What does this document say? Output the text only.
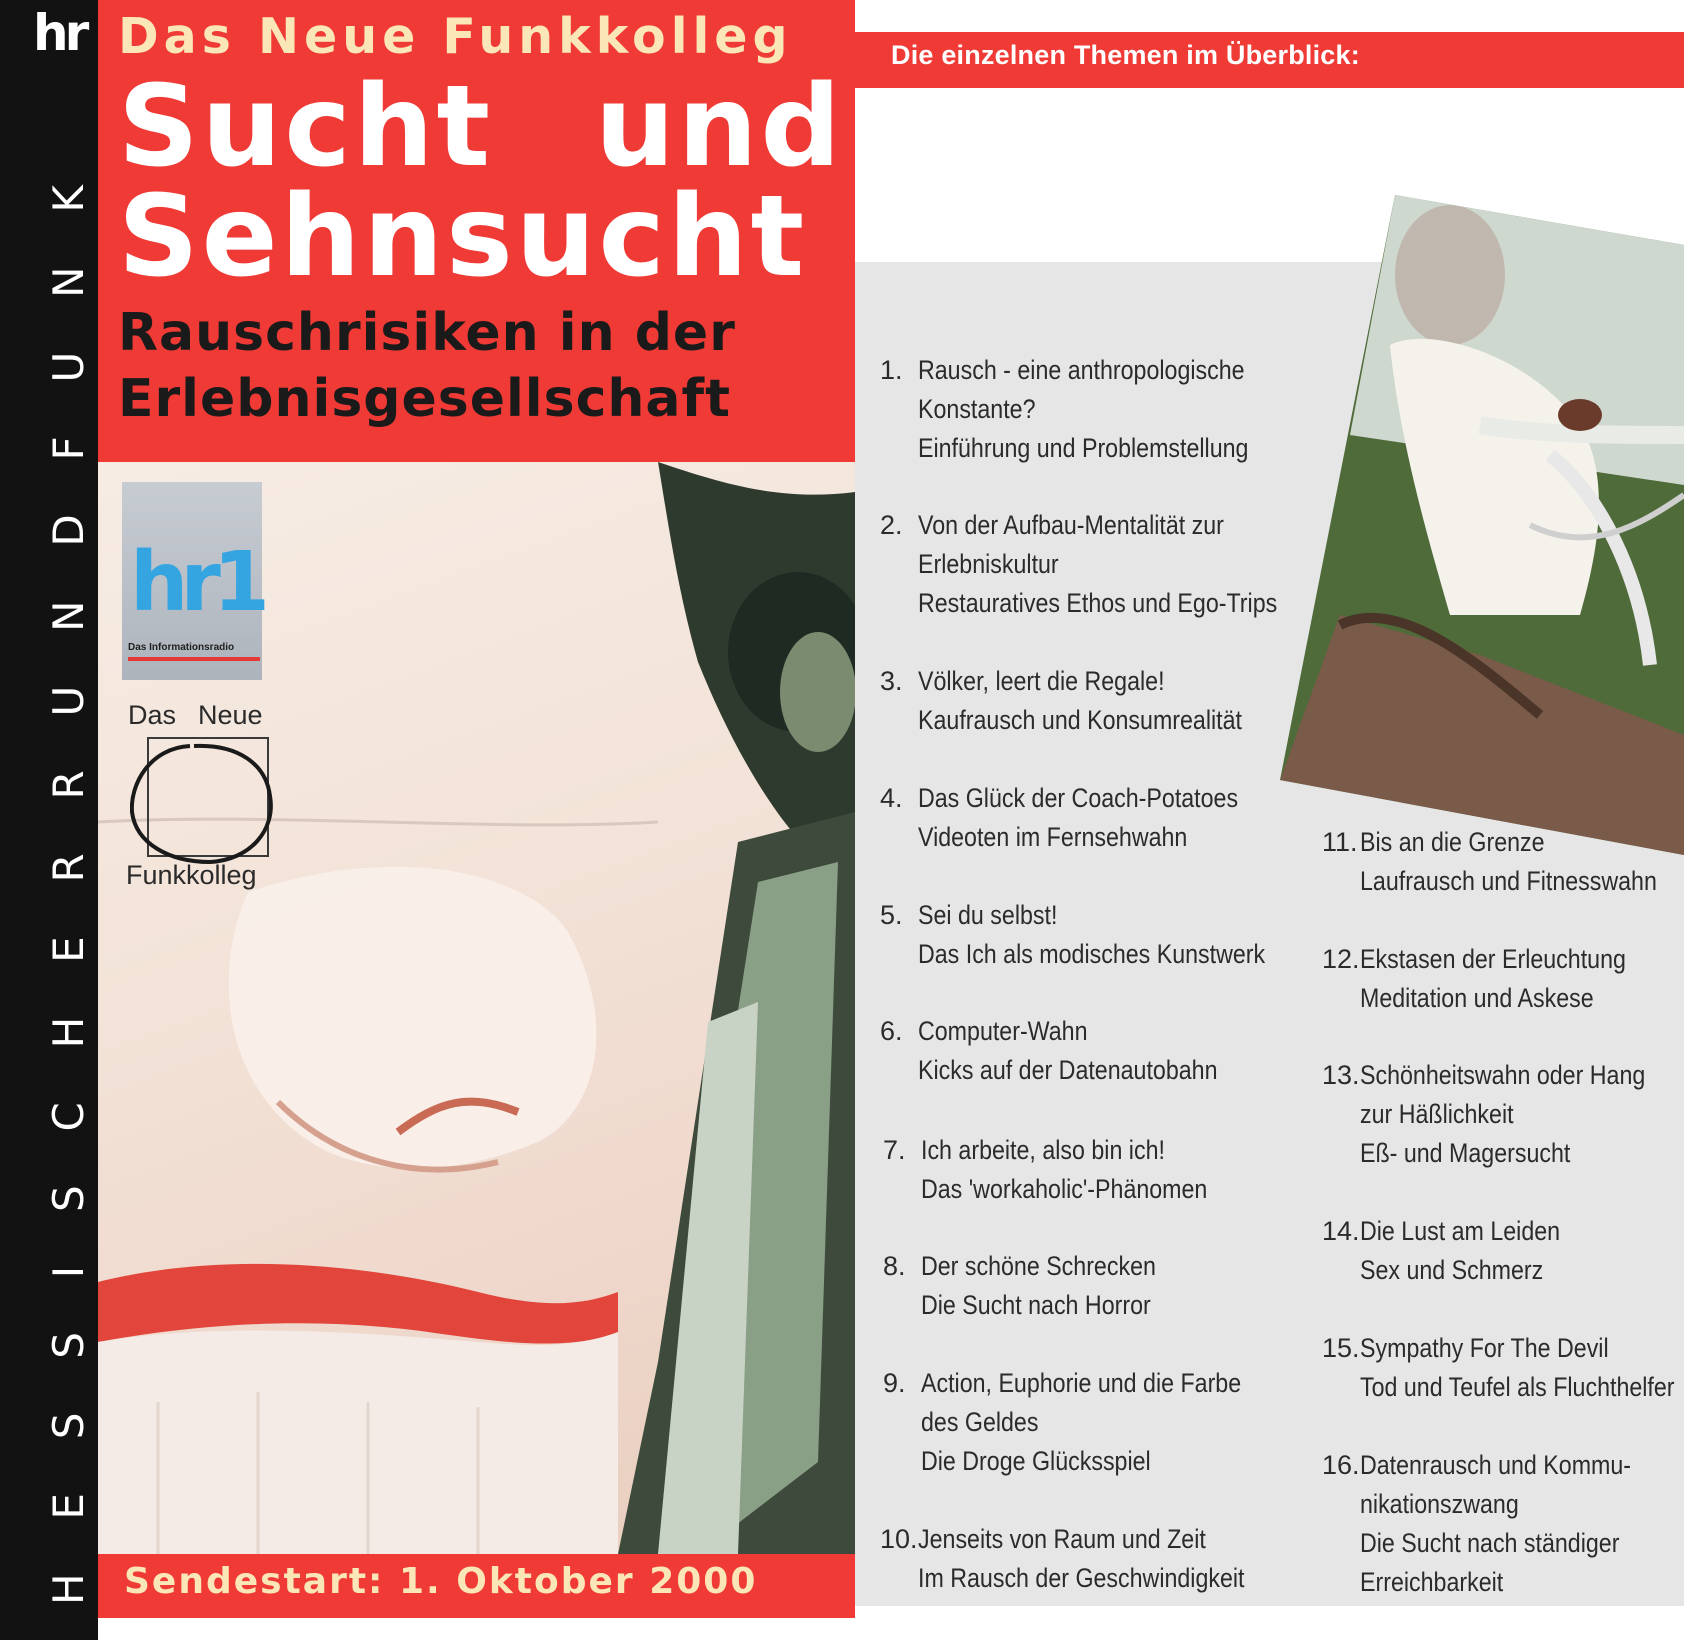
hr
H
E
S
S
I
S
C
H
E
R
R
U
N
D
F
U
N
K
Das Neue Funkkolleg
Sucht und
Sehnsucht
Rauschrisiken in der
Erlebnisgesellschaft
hr1
Das Informationsradio
Das Neue
Funkkolleg
Sendestart: 1. Oktober 2000
Die einzelnen Themen im Überblick:
1. Rausch - eine anthropologische
Konstante?
Einführung und Problemstellung
2. Von der Aufbau-Mentalität zur
Erlebniskultur
Restauratives Ethos und Ego-Trips
3. Völker, leert die Regale!
Kaufrausch und Konsumrealität
4. Das Glück der Coach-Potatoes
Videoten im Fernsehwahn
5. Sei du selbst!
Das Ich als modisches Kunstwerk
6. Computer-Wahn
Kicks auf der Datenautobahn
7. Ich arbeite, also bin ich!
Das 'workaholic'-Phänomen
8. Der schöne Schrecken
Die Sucht nach Horror
9. Action, Euphorie und die Farbe
des Geldes
Die Droge Glücksspiel
10. Jenseits von Raum und Zeit
Im Rausch der Geschwindigkeit
11. Bis an die Grenze
Laufrausch und Fitnesswahn
12. Ekstasen der Erleuchtung
Meditation und Askese
13. Schönheitswahn oder Hang
zur Häßlichkeit
Eß- und Magersucht
14. Die Lust am Leiden
Sex und Schmerz
15. Sympathy For The Devil
Tod und Teufel als Fluchthelfer
16. Datenrausch und Kommu-
nikationszwang
Die Sucht nach ständiger
Erreichbarkeit
